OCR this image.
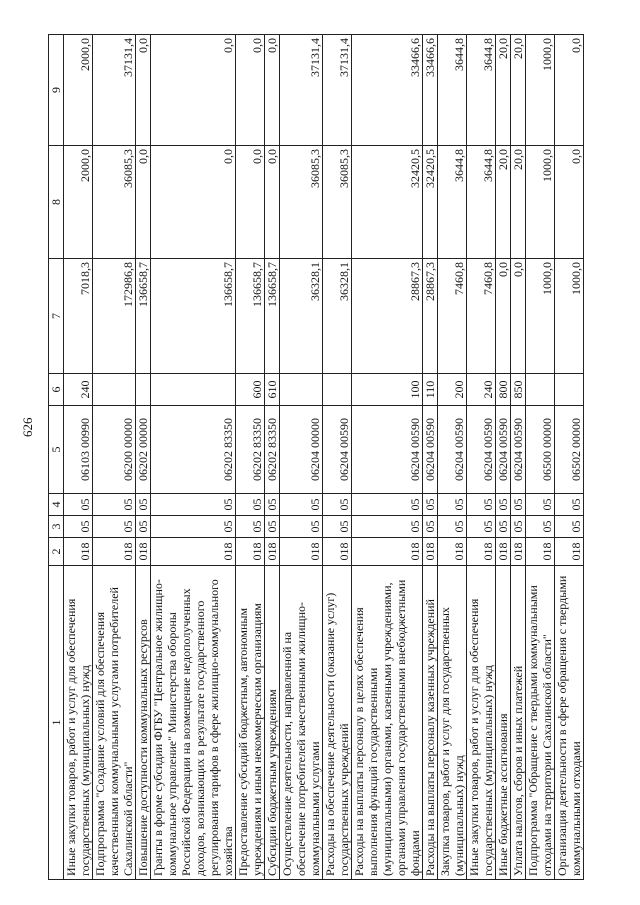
626
1	2	3	4	5	6	7	8	9
Иные закупки товаров, работ и услуг для обеспечения государственных (муниципальных) нужд	018	05	05	06103 00990	240	7018,3	2000,0	2000,0
Подпрограмма "Создание условий для обеспечения качественными коммунальными услугами потребителей Сахалинской области"	018	05	05	06200 00000		172986,8	36085,3	37131,4
Повышение доступности коммунальных ресурсов	018	05	05	06202 00000		136658,7	0,0	0,0
Гранты в форме субсидии ФГБУ "Центральное жилищно-коммунальное управление" Министерства обороны Российской Федерации на возмещение недополученных доходов, возникающих в результате государственного регулирования тарифов в сфере жилищно-коммунального хозяйства	018	05	05	06202 83350		136658,7	0,0	0,0
Предоставление субсидий бюджетным, автономным учреждениям и иным некоммерческим организациям	018	05	05	06202 83350	600	136658,7	0,0	0,0
Субсидии бюджетным учреждениям	018	05	05	06202 83350	610	136658,7	0,0	0,0
Осуществление деятельности, направленной на обеспечение потребителей качественными жилищно-коммунальными услугами	018	05	05	06204 00000		36328,1	36085,3	37131,4
Расходы на обеспечение деятельности (оказание услуг) государственных учреждений	018	05	05	06204 00590		36328,1	36085,3	37131,4
Расходы на выплаты персоналу в целях обеспечения выполнения функций государственными (муниципальными) органами, казенными учреждениями, органами управления государственными внебюджетными фондами	018	05	05	06204 00590	100	28867,3	32420,5	33466,6
Расходы на выплаты персоналу казенных учреждений	018	05	05	06204 00590	110	28867,3	32420,5	33466,6
Закупка товаров, работ и услуг для государственных (муниципальных) нужд	018	05	05	06204 00590	200	7460,8	3644,8	3644,8
Иные закупки товаров, работ и услуг для обеспечения государственных (муниципальных) нужд	018	05	05	06204 00590	240	7460,8	3644,8	3644,8
Иные бюджетные ассигнования	018	05	05	06204 00590	800	0,0	20,0	20,0
Уплата налогов, сборов и иных платежей	018	05	05	06204 00590	850	0,0	20,0	20,0
Подпрограмма "Обращение с твердыми коммунальными отходами на территории Сахалинской области"	018	05	05	06500 00000		1000,0	1000,0	1000,0
Организация деятельности в сфере обращения с твердыми коммунальными отходами	018	05	05	06502 00000		1000,0	0,0	0,0
